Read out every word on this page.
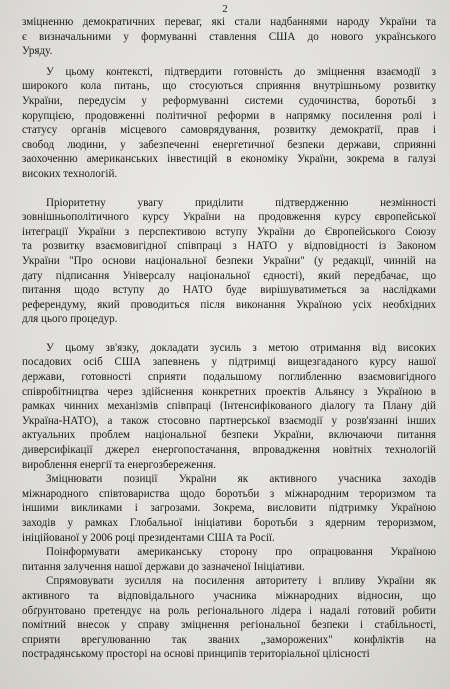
2
зміцненню демократичних переваг, які стали надбаннями народу України та
є визначальними у формуванні ставлення США до нового українського
Уряду.
У цьому контексті, підтвердити готовність до зміцнення взаємодії з
широкого кола питань, що стосуються сприяння внутрішньому розвитку
України, передусім у реформуванні системи судочинства, боротьбі з
корупцією, продовженні політичної реформи в напрямку посилення ролі і
статусу органів місцевого самоврядування, розвитку демократії, прав і
свобод людини, у забезпеченні енергетичної безпеки держави, сприянні
заохоченню американських інвестицій в економіку України, зокрема в галузі
високих технологій.
Пріоритетну увагу приділити підтвердженню незмінності
зовнішньополітичного курсу України на продовження курсу європейської
інтеграції України з перспективою вступу України до Європейського Союзу
та розвитку взаємовигідної співпраці з НАТО у відповідності із Законом
України "Про основи національної безпеки України" (у редакції, чинній на
дату підписання Універсалу національної єдності), який передбачає, що
питання щодо вступу до НАТО буде вирішуватиметься за наслідками
референдуму, який проводиться після виконання Україною усіх необхідних
для цього процедур.
У цьому зв'язку, докладати зусиль з метою отримання від високих
посадових осіб США запевнень у підтримці вищезгаданого курсу нашої
держави, готовності сприяти подальшому поглибленню взаємовигідного
співробітництва через здійснення конкретних проектів Альянсу з Україною в
рамках чинних механізмів співпраці (Інтенсифікованого діалогу та Плану дій
Україна-НАТО), а також стосовно партнерської взаємодії у розв'язанні інших
актуальних проблем національної безпеки України, включаючи питання
диверсифікації джерел енергопостачання, впровадження новітніх технологій
вироблення енергії та енергозбереження.
Зміцнювати позиції України як активного учасника заходів
міжнародного співтовариства щодо боротьби з міжнародним тероризмом та
іншими викликами і загрозами. Зокрема, висловити підтримку Україною
заходів у рамках Глобальної ініціативи боротьби з ядерним тероризмом,
ініційованої у 2006 році президентами США та Росії.
Поінформувати американську сторону про опрацювання Україною
питання залучення нашої держави до зазначеної Ініціативи.
Спрямовувати зусилля на посилення авторитету і впливу України як
активного та відповідального учасника міжнародних відносин, що
обґрунтовано претендує на роль регіонального лідера і надалі готовий робити
помітний внесок у справу зміцнення регіональної безпеки і стабільності,
сприяти врегулюванню так званих „заморожених" конфліктів на
пострадянському просторі на основі принципів територіальної цілісності
